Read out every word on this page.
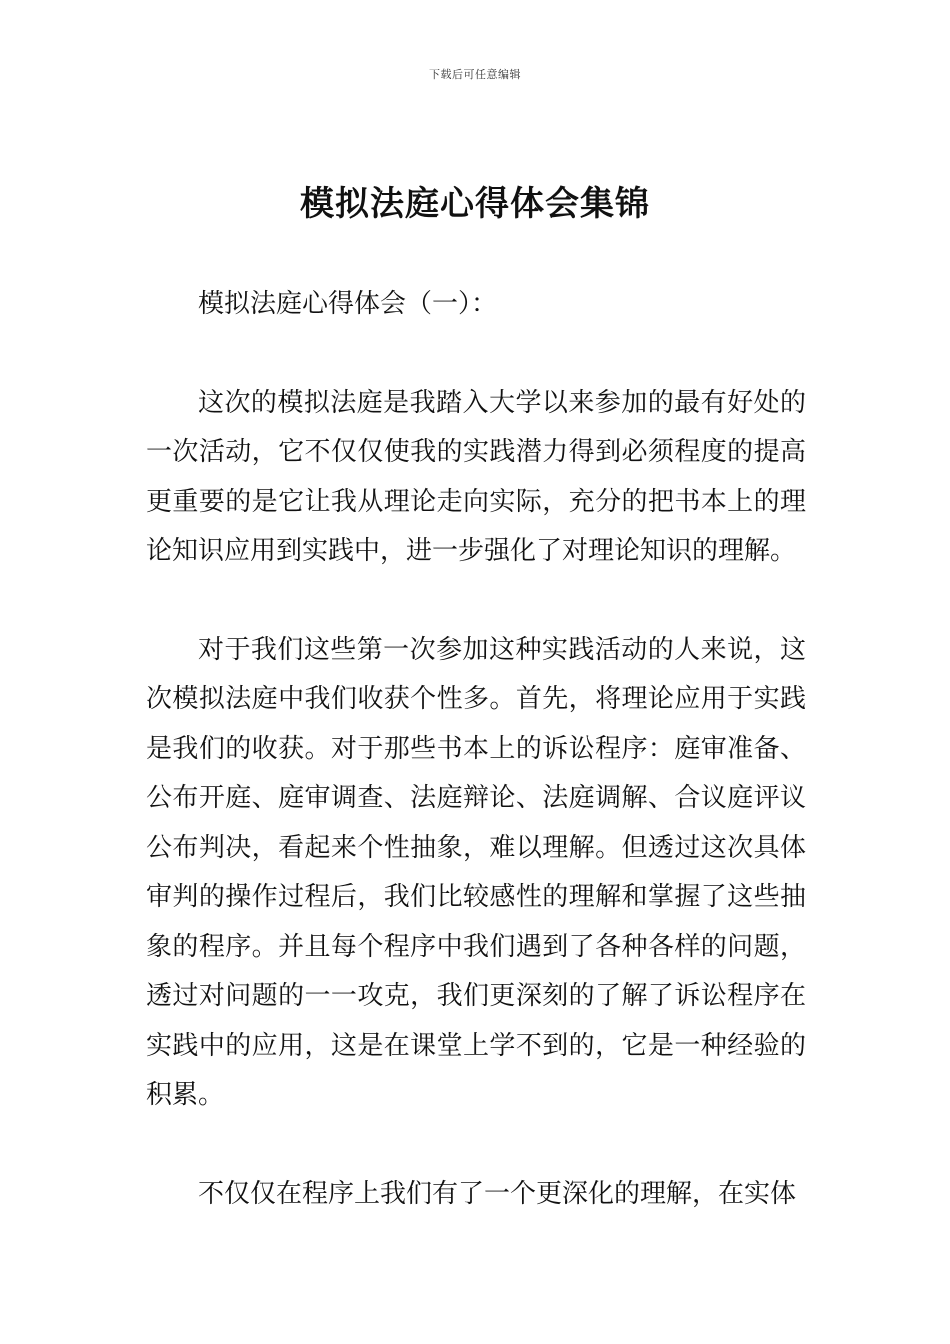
下载后可任意编辑
模拟法庭心得体会集锦

模拟法庭心得体会（一）：

这次的模拟法庭是我踏入大学以来参加的最有好处的一次活动，它不仅仅使我的实践潜力得到必须程度的提高更重要的是它让我从理论走向实际，充分的把书本上的理论知识应用到实践中，进一步强化了对理论知识的理解。

对于我们这些第一次参加这种实践活动的人来说，这次模拟法庭中我们收获个性多。首先，将理论应用于实践是我们的收获。对于那些书本上的诉讼程序：庭审准备、公布开庭、庭审调查、法庭辩论、法庭调解、合议庭评议公布判决，看起来个性抽象，难以理解。但透过这次具体审判的操作过程后，我们比较感性的理解和掌握了这些抽象的程序。并且每个程序中我们遇到了各种各样的问题，透过对问题的一一攻克，我们更深刻的了解了诉讼程序在实践中的应用，这是在课堂上学不到的，它是一种经验的积累。

不仅仅在程序上我们有了一个更深化的理解，在实体
